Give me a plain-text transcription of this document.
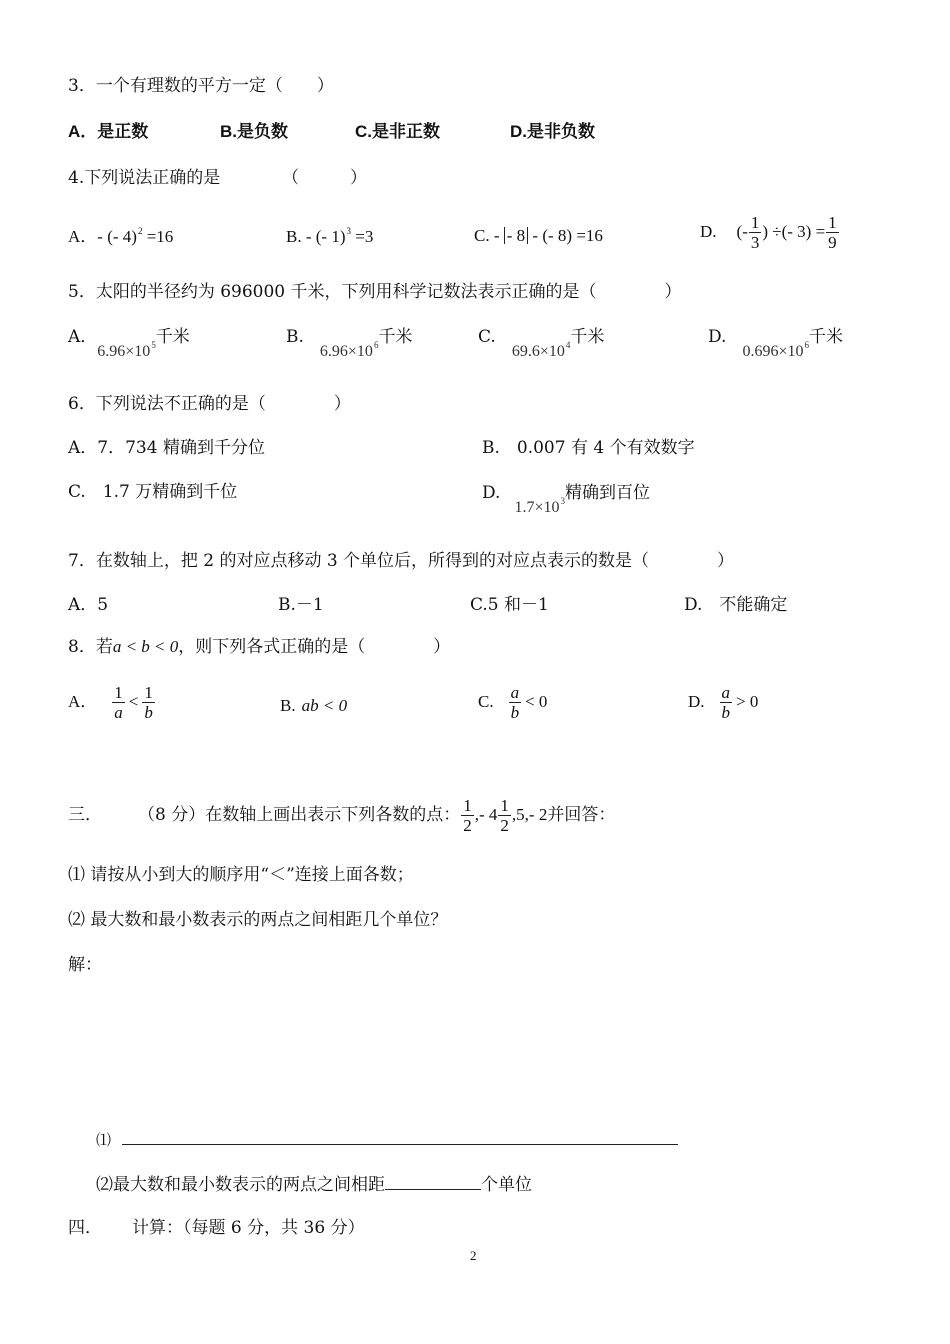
3．一个有理数的平方一定（　　）
A．是正数	B.是负数	C.是非正数	D.是非负数
4.下列说法正确的是	（　　　）
A．- (- 4)$^2$ =16	B. - (- 1)$^3$ =3	C. - - 8 - (- 8) =16	D. (- $\frac{1}{3}$ ) ÷(- $3) = \frac{1}{9}$
5．太阳的半径约为 696000 千米，下列用科学记数法表示正确的是（　　　　）
A．$6.96\times 10^5$千米	$B.6.96\times 10^6$千米	$C.69.6\times 10^4$千米	$D.0.696\times 10^6$千米
6．下列说法不正确的是（　　　　）
A．7．734 精确到千分位	B.　0.007 有 4 个有效数字
C.　1.7 万精确到千位	$D.1.7\times 10^3$精确到百位
7．在数轴上，把 2 的对应点移动 3 个单位后，所得到的对应点表示的数是（　　　　）
A．5	B.－1	C.5 和－1	D.　不能确定
8．若a < b < 0，则下列各式正确的是（　　　　）
A． $\frac{1}{a} < \frac{1}{b}$	B. ab < 0	C. $\frac{a}{b} < 0$	D. $\frac{a}{b} > 0$
三． （8 分）在数轴上画出表示下列各数的点： $\frac{1}{2}$ ,- $4 \frac{1}{2} ,5,-$ 2 并回答：
⑴ 请按从小到大的顺序用“＜”连接上面各数；
⑵ 最大数和最小数表示的两点之间相距几个单位？
解：
⑴
⑵最大数和最小数表示的两点之间相距	个单位
四． 计算：（每题 6 分，共 36 分）
2
